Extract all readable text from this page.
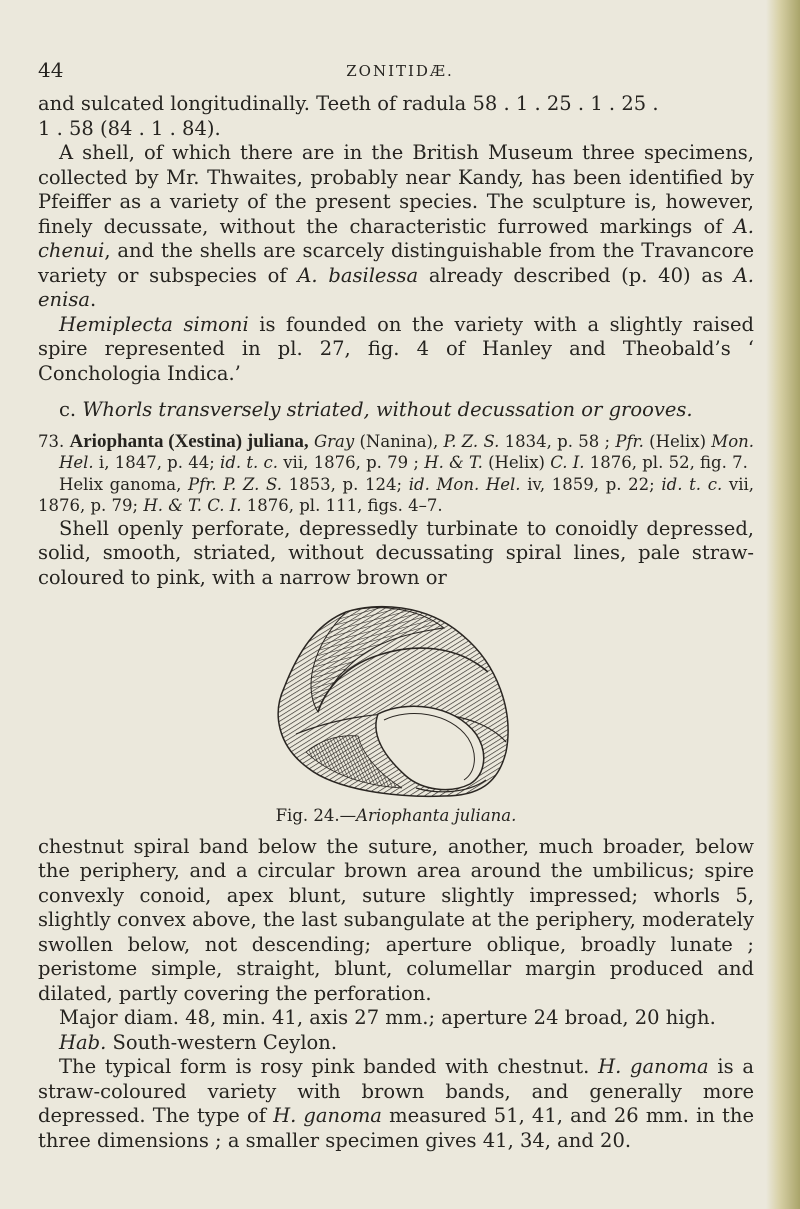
44	ZONITIDÆ.

and sulcated longitudinally. Teeth of radula 58 . 1 . 25 . 1 . 25 .
1 . 58 (84 . 1 . 84).

A shell, of which there are in the British Museum three specimens, collected by Mr. Thwaites, probably near Kandy, has been identified by Pfeiffer as a variety of the present species. The sculpture is, however, finely decussate, without the characteristic furrowed markings of A. chenui, and the shells are scarcely distinguishable from the Travancore variety or subspecies of A. basilessa already described (p. 40) as A. enisa.

Hemiplecta simoni is founded on the variety with a slightly raised spire represented in pl. 27, fig. 4 of Hanley and Theobald’s ‘ Conchologia Indica.’

c. Whorls transversely striated, without decussation or grooves.

73. Ariophanta (Xestina) juliana, Gray (Nanina), P. Z. S. 1834, p. 58 ; Pfr. (Helix) Mon. Hel. i, 1847, p. 44; id. t. c. vii, 1876, p. 79 ; H. & T. (Helix) C. I. 1876, pl. 52, fig. 7.

Helix ganoma, Pfr. P. Z. S. 1853, p. 124; id. Mon. Hel. iv, 1859, p. 22; id. t. c. vii, 1876, p. 79; H. & T. C. I. 1876, pl. 111, figs. 4–7.

Shell openly perforate, depressedly turbinate to conoidly depressed, solid, smooth, striated, without decussating spiral lines, pale straw-coloured to pink, with a narrow brown or

Fig. 24.—Ariophanta juliana.

chestnut spiral band below the suture, another, much broader, below the periphery, and a circular brown area around the umbilicus; spire convexly conoid, apex blunt, suture slightly impressed; whorls 5, slightly convex above, the last subangulate at the periphery, moderately swollen below, not descending; aperture oblique, broadly lunate ; peristome simple, straight, blunt, columellar margin produced and dilated, partly covering the perforation.

Major diam. 48, min. 41, axis 27 mm.; aperture 24 broad, 20 high.

Hab. South-western Ceylon.

The typical form is rosy pink banded with chestnut. H. ganoma is a straw-coloured variety with brown bands, and generally more depressed. The type of H. ganoma measured 51, 41, and 26 mm. in the three dimensions ; a smaller specimen gives 41, 34, and 20.
